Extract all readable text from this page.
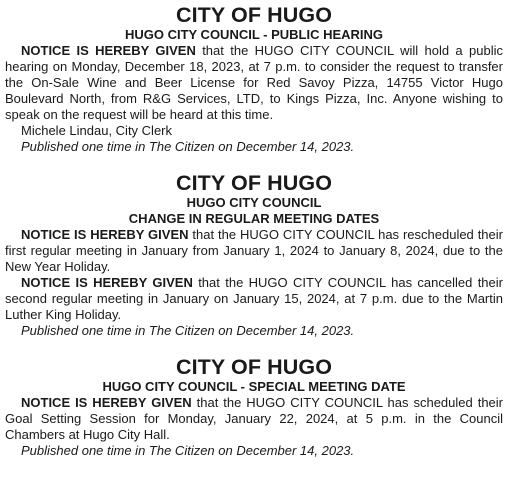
CITY OF HUGO
HUGO CITY COUNCIL - PUBLIC HEARING

NOTICE IS HEREBY GIVEN that the HUGO CITY COUNCIL will hold a public hearing on Monday, December 18, 2023, at 7 p.m. to consider the request to transfer the On-Sale Wine and Beer License for Red Savoy Pizza, 14755 Victor Hugo Boulevard North, from R&G Services, LTD, to Kings Pizza, Inc. Anyone wishing to speak on the request will be heard at this time.

Michele Lindau, City Clerk

Published one time in The Citizen on December 14, 2023.

CITY OF HUGO
HUGO CITY COUNCIL
CHANGE IN REGULAR MEETING DATES

NOTICE IS HEREBY GIVEN that the HUGO CITY COUNCIL has rescheduled their first regular meeting in January from January 1, 2024 to January 8, 2024, due to the New Year Holiday.

NOTICE IS HEREBY GIVEN that the HUGO CITY COUNCIL has cancelled their second regular meeting in January on January 15, 2024, at 7 p.m. due to the Martin Luther King Holiday.

Published one time in The Citizen on December 14, 2023.

CITY OF HUGO
HUGO CITY COUNCIL - SPECIAL MEETING DATE

NOTICE IS HEREBY GIVEN that the HUGO CITY COUNCIL has scheduled their Goal Setting Session for Monday, January 22, 2024, at 5 p.m. in the Council Chambers at Hugo City Hall.

Published one time in The Citizen on December 14, 2023.
